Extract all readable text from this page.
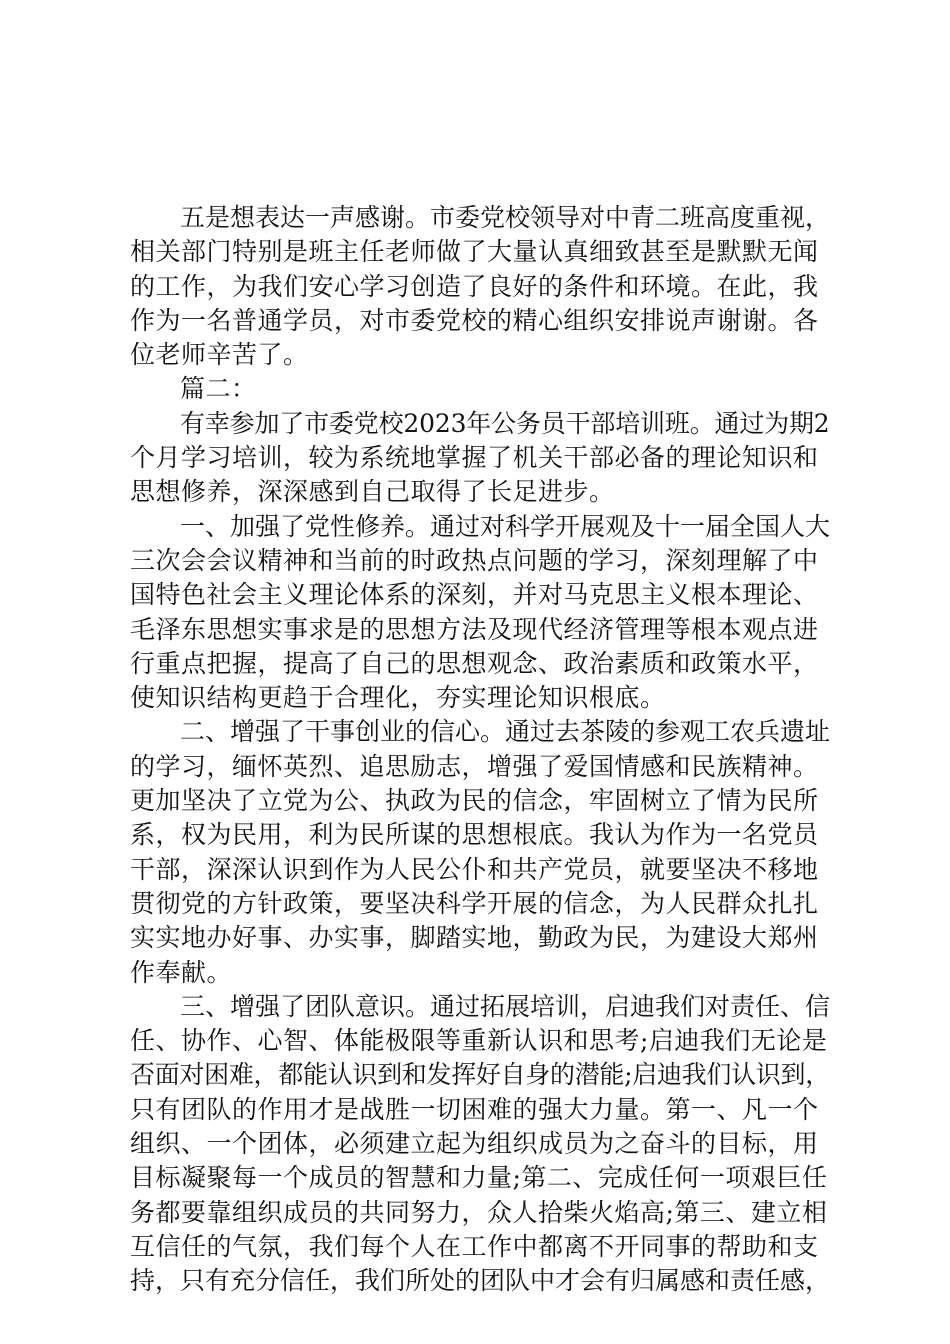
五是想表达一声感谢。市委党校领导对中青二班高度重视，
相关部门特别是班主任老师做了大量认真细致甚至是默默无闻
的工作，为我们安心学习创造了良好的条件和环境。在此，我
作为一名普通学员，对市委党校的精心组织安排说声谢谢。各
位老师辛苦了。
篇二：
有幸参加了市委党校2023年公务员干部培训班。通过为期2
个月学习培训，较为系统地掌握了机关干部必备的理论知识和
思想修养，深深感到自己取得了长足进步。
一、加强了党性修养。通过对科学开展观及十一届全国人大
三次会会议精神和当前的时政热点问题的学习，深刻理解了中
国特色社会主义理论体系的深刻，并对马克思主义根本理论、
毛泽东思想实事求是的思想方法及现代经济管理等根本观点进
行重点把握，提高了自己的思想观念、政治素质和政策水平，
使知识结构更趋于合理化，夯实理论知识根底。
二、增强了干事创业的信心。通过去茶陵的参观工农兵遗址
的学习，缅怀英烈、追思励志，增强了爱国情感和民族精神。
更加坚决了立党为公、执政为民的信念，牢固树立了情为民所
系，权为民用，利为民所谋的思想根底。我认为作为一名党员
干部，深深认识到作为人民公仆和共产党员，就要坚决不移地
贯彻党的方针政策，要坚决科学开展的信念，为人民群众扎扎
实实地办好事、办实事，脚踏实地，勤政为民，为建设大郑州
作奉献。
三、增强了团队意识。通过拓展培训，启迪我们对责任、信
任、协作、心智、体能极限等重新认识和思考;启迪我们无论是
否面对困难，都能认识到和发挥好自身的潜能;启迪我们认识到，
只有团队的作用才是战胜一切困难的强大力量。第一、凡一个
组织、一个团体，必须建立起为组织成员为之奋斗的目标，用
目标凝聚每一个成员的智慧和力量;第二、完成任何一项艰巨任
务都要靠组织成员的共同努力，众人拾柴火焰高;第三、建立相
互信任的气氛，我们每个人在工作中都离不开同事的帮助和支
持，只有充分信任，我们所处的团队中才会有归属感和责任感，
